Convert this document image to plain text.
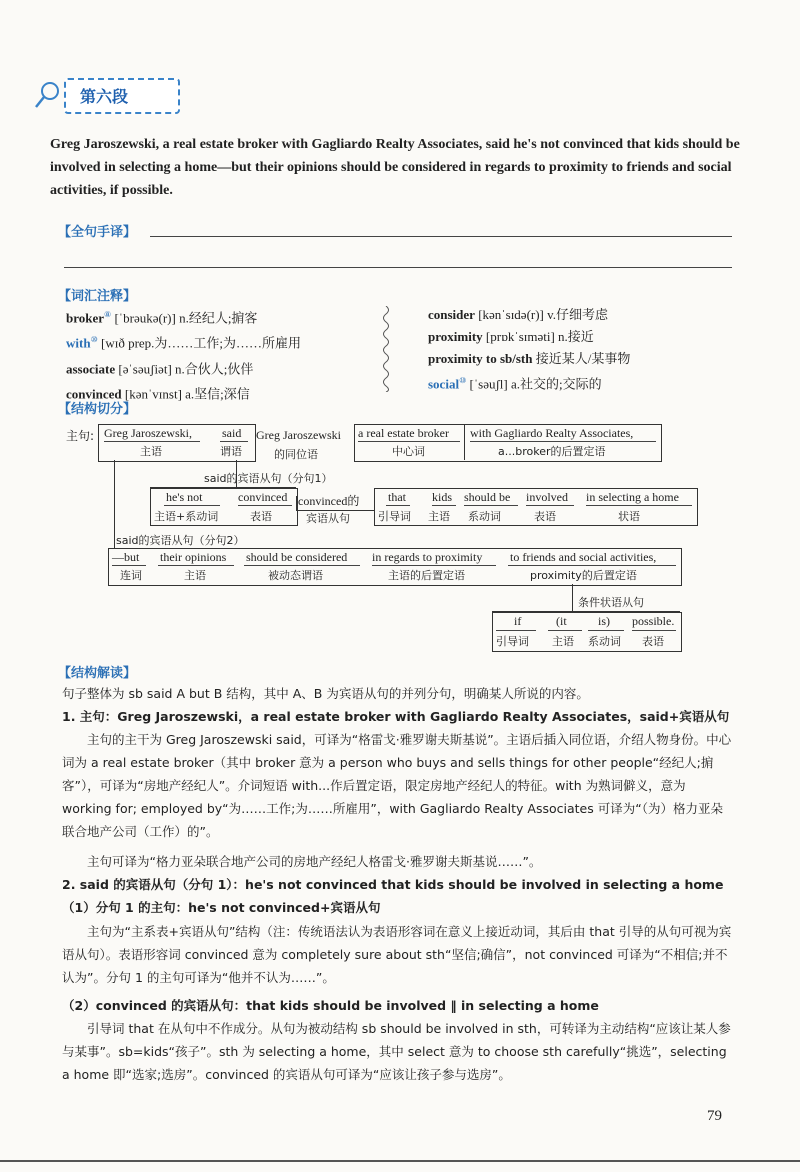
第六段
Greg Jaroszewski, a real estate broker with Gagliardo Realty Associates, said he's not convinced that kids should be involved in selecting a home—but their opinions should be considered in regards to proximity to friends and social activities, if possible.
【全句手译】
【词汇注释】
broker⑧ [ˈbrəukə(r)] n.经纪人;掮客
with⑩ [wɪð prep.为……工作;为……所雇用
associate [əˈsəuʃiət] n.合伙人;伙伴
convinced [kənˈvɪnst] a.坚信;深信
consider [kənˈsɪdə(r)] v.仔细考虑
proximity [prɒkˈsɪməti] n.接近
proximity to sb/sth 接近某人/某事物
social⑩ [ˈsəuʃl] a.社交的;交际的
【结构切分】
主句: Greg Jaroszewski,
主语
said
谓语
Greg Jaroszewski
的同位语
a real estate broker
中心词
with Gagliardo Realty Associates,
a...broker的后置定语
said的宾语从句（分句1）
he's not
主语+系动词
convinced
表语
convinced的
宾语从句
that
引导词
kids
主语
should be
系动词
involved
表语
in selecting a home
状语
said的宾语从句（分句2）
—but
连词
their opinions
主语
should be considered
被动态谓语
in regards to proximity
主语的后置定语
to friends and social activities,
proximity的后置定语
条件状语从句
if
引导词
(it
主语
is)
系动词
possible.
表语
【结构解读】
句子整体为 sb said A but B 结构，其中 A、B 为宾语从句的并列分句，明确某人所说的内容。
1. 主句：Greg Jaroszewski，a real estate broker with Gagliardo Realty Associates，said+宾语从句
主句的主干为 Greg Jaroszewski said，可译为“格雷戈·雅罗谢夫斯基说”。主语后插入同位语，介绍人物身份。中心词为 a real estate broker（其中 broker 意为 a person who buys and sells things for other people“经纪人;掮客”），可译为“房地产经纪人”。介词短语 with...作后置定语，限定房地产经纪人的特征。with 为熟词僻义，意为 working for; employed by“为……工作;为……所雇用”，with Gagliardo Realty Associates 可译为“（为）格力亚朵联合地产公司（工作）的”。
主句可译为“格力亚朵联合地产公司的房地产经纪人格雷戈·雅罗谢夫斯基说……”。
2. said 的宾语从句（分句 1）：he's not convinced that kids should be involved in selecting a home
（1）分句 1 的主句：he's not convinced+宾语从句
主句为“主系表+宾语从句”结构（注：传统语法认为表语形容词在意义上接近动词，其后由 that 引导的从句可视为宾语从句）。表语形容词 convinced 意为 completely sure about sth“坚信;确信”，not convinced 可译为“不相信;并不认为”。分句 1 的主句可译为“他并不认为……”。
（2）convinced 的宾语从句：that kids should be involved ‖ in selecting a home
引导词 that 在从句中不作成分。从句为被动结构 sb should be involved in sth，可转译为主动结构“应该让某人参与某事”。sb=kids“孩子”。sth 为 selecting a home，其中 select 意为 to choose sth carefully“挑选”，selecting a home 即“选家;选房”。convinced 的宾语从句可译为“应该让孩子参与选房”。
79
